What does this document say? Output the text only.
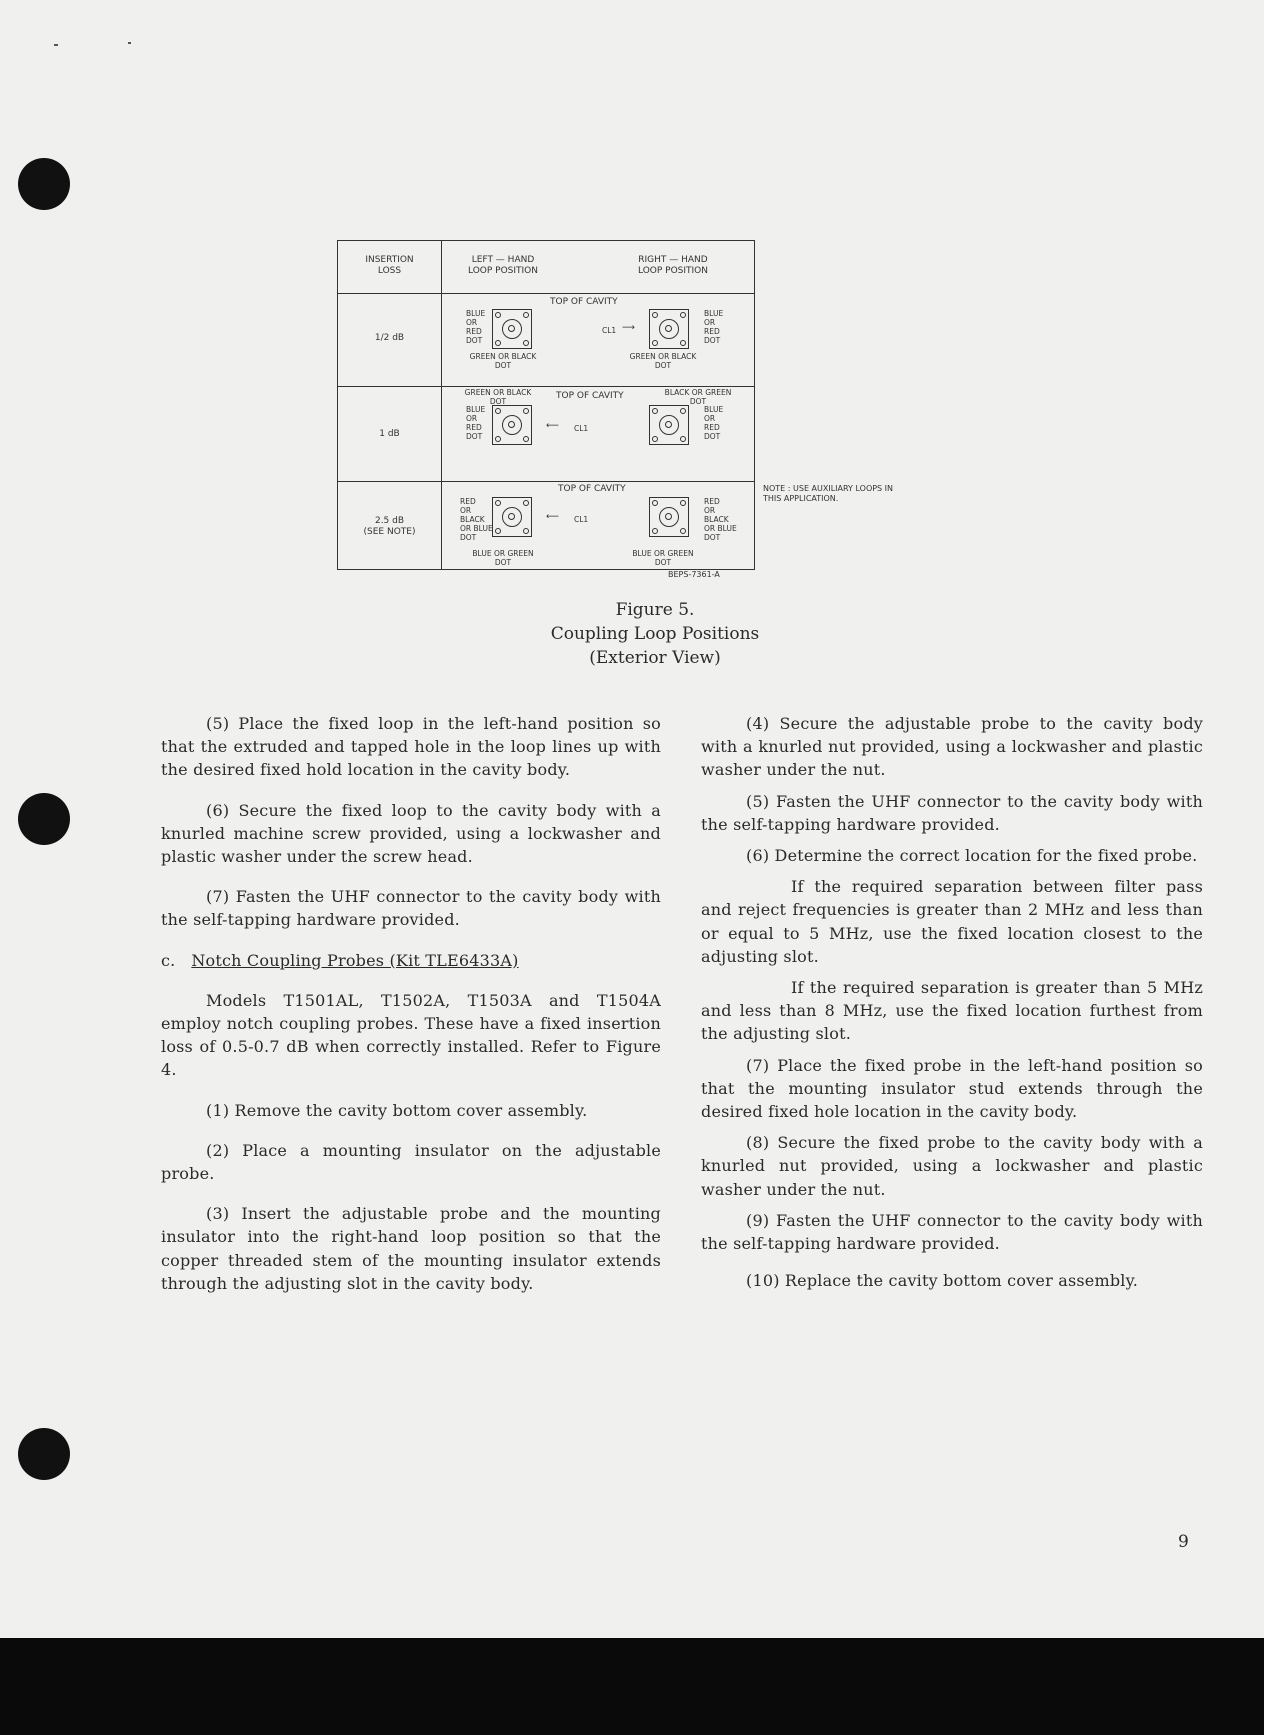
INSERTION
LOSS
LEFT — HAND
LOOP POSITION
RIGHT — HAND
LOOP POSITION
1/2 dB
TOP OF CAVITY
BLUE
OR
RED
DOT
GREEN OR BLACK
DOT
CL1 ⟶
BLUE
OR
RED
DOT
GREEN OR BLACK
DOT
1 dB
GREEN OR BLACK
DOT
TOP OF CAVITY	BLACK OR GREEN
DOT
BLUE
OR
RED
DOT
⟵ CL1
BLUE
OR
RED
DOT
2.5 dB
(SEE NOTE)
TOP OF CAVITY
RED
OR
BLACK
OR BLUE
DOT
⟵ CL1
BLUE OR GREEN
DOT
RED
OR
BLACK
OR BLUE
DOT
BLUE OR GREEN
DOT
NOTE : USE AUXILIARY LOOPS IN
THIS APPLICATION.
BEPS-7361-A
Figure 5.
Coupling Loop Positions
(Exterior View)

(5) Place the fixed loop in the left-hand position so that the extruded and tapped hole in the loop lines up with the desired fixed hold location in the cavity body.

(6) Secure the fixed loop to the cavity body with a knurled machine screw provided, using a lockwasher and plastic washer under the screw head.

(7) Fasten the UHF connector to the cavity body with the self-tapping hardware provided.

c.   Notch Coupling Probes (Kit TLE6433A)

Models T1501AL, T1502A, T1503A and T1504A employ notch coupling probes. These have a fixed insertion loss of 0.5-0.7 dB when correctly installed. Refer to Figure 4.

(1) Remove the cavity bottom cover assembly.

(2) Place a mounting insulator on the adjustable probe.

(3) Insert the adjustable probe and the mounting insulator into the right-hand loop position so that the copper threaded stem of the mounting insulator extends through the adjusting slot in the cavity body.

(4) Secure the adjustable probe to the cavity body with a knurled nut provided, using a lockwasher and plastic washer under the nut.

(5) Fasten the UHF connector to the cavity body with the self-tapping hardware provided.

(6) Determine the correct location for the fixed probe.

If the required separation between filter pass and reject frequencies is greater than 2 MHz and less than or equal to 5 MHz, use the fixed location closest to the adjusting slot.

If the required separation is greater than 5 MHz and less than 8 MHz, use the fixed location furthest from the adjusting slot.

(7) Place the fixed probe in the left-hand position so that the mounting insulator stud extends through the desired fixed hole location in the cavity body.

(8) Secure the fixed probe to the cavity body with a knurled nut provided, using a lockwasher and plastic washer under the nut.

(9) Fasten the UHF connector to the cavity body with the self-tapping hardware provided.

(10) Replace the cavity bottom cover assembly.

9
